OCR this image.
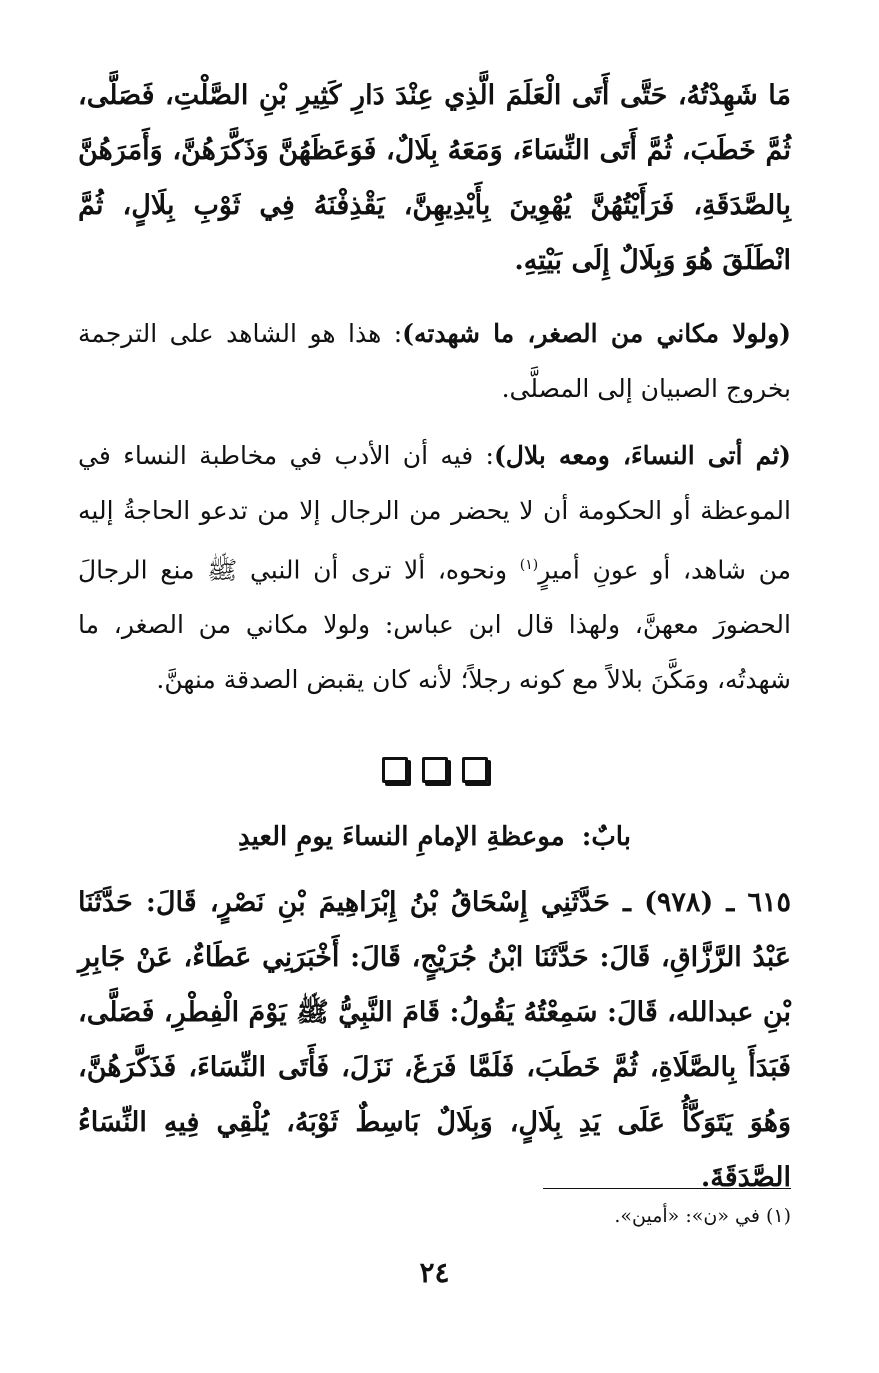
مَا شَهِدْتُهُ، حَتَّى أَتَى الْعَلَمَ الَّذِي عِنْدَ دَارِ كَثِيرِ بْنِ الصَّلْتِ، فَصَلَّى، ثُمَّ خَطَبَ، ثُمَّ أَتَى النِّسَاءَ، وَمَعَهُ بِلَالٌ، فَوَعَظَهُنَّ وَذَكَّرَهُنَّ، وَأَمَرَهُنَّ بِالصَّدَقَةِ، فَرَأَيْتُهُنَّ يُهْوِينَ بِأَيْدِيهِنَّ، يَقْذِفْنَهُ فِي ثَوْبِ بِلَالٍ، ثُمَّ انْطَلَقَ هُوَ وَبِلَالٌ إِلَى بَيْتِهِ.

(ولولا مكاني من الصغر، ما شهدته): هذا هو الشاهد على الترجمة بخروج الصبيان إلى المصلَّى.

(ثم أتى النساءَ، ومعه بلال): فيه أن الأدب في مخاطبة النساء في الموعظة أو الحكومة أن لا يحضر من الرجال إلا من تدعو الحاجةُ إليه من شاهد، أو عونِ أميرٍ$^{(١)}$ ونحوه، ألا ترى أن النبي ﷺ منع الرجالَ الحضورَ معهنَّ، ولهذا قال ابن عباس: ولولا مكاني من الصغر، ما شهدتُه، ومَكَّنَ بلالاً مع كونه رجلاً؛ لأنه كان يقبض الصدقة منهنَّ.

بابٌ: موعظةِ الإمامِ النساءَ يومِ العيدِ

٦١٥ ـ (٩٧٨) ـ حَدَّثَنِي إِسْحَاقُ بْنُ إِبْرَاهِيمَ بْنِ نَصْرٍ، قَالَ: حَدَّثَنَا عَبْدُ الرَّزَّاقِ، قَالَ: حَدَّثَنَا ابْنُ جُرَيْجٍ، قَالَ: أَخْبَرَنِي عَطَاءٌ، عَنْ جَابِرِ بْنِ عبدالله، قَالَ: سَمِعْتُهُ يَقُولُ: قَامَ النَّبِيُّ ﷺ يَوْمَ الْفِطْرِ، فَصَلَّى، فَبَدَأَ بِالصَّلَاةِ، ثُمَّ خَطَبَ، فَلَمَّا فَرَغَ، نَزَلَ، فَأَتَى النِّسَاءَ، فَذَكَّرَهُنَّ، وَهُوَ يَتَوَكَّأُ عَلَى يَدِ بِلَالٍ، وَبِلَالٌ بَاسِطٌ ثَوْبَهُ، يُلْقِي فِيهِ النِّسَاءُ الصَّدَقَةَ.

(١) في «ن»: «أمين».

٢٤
